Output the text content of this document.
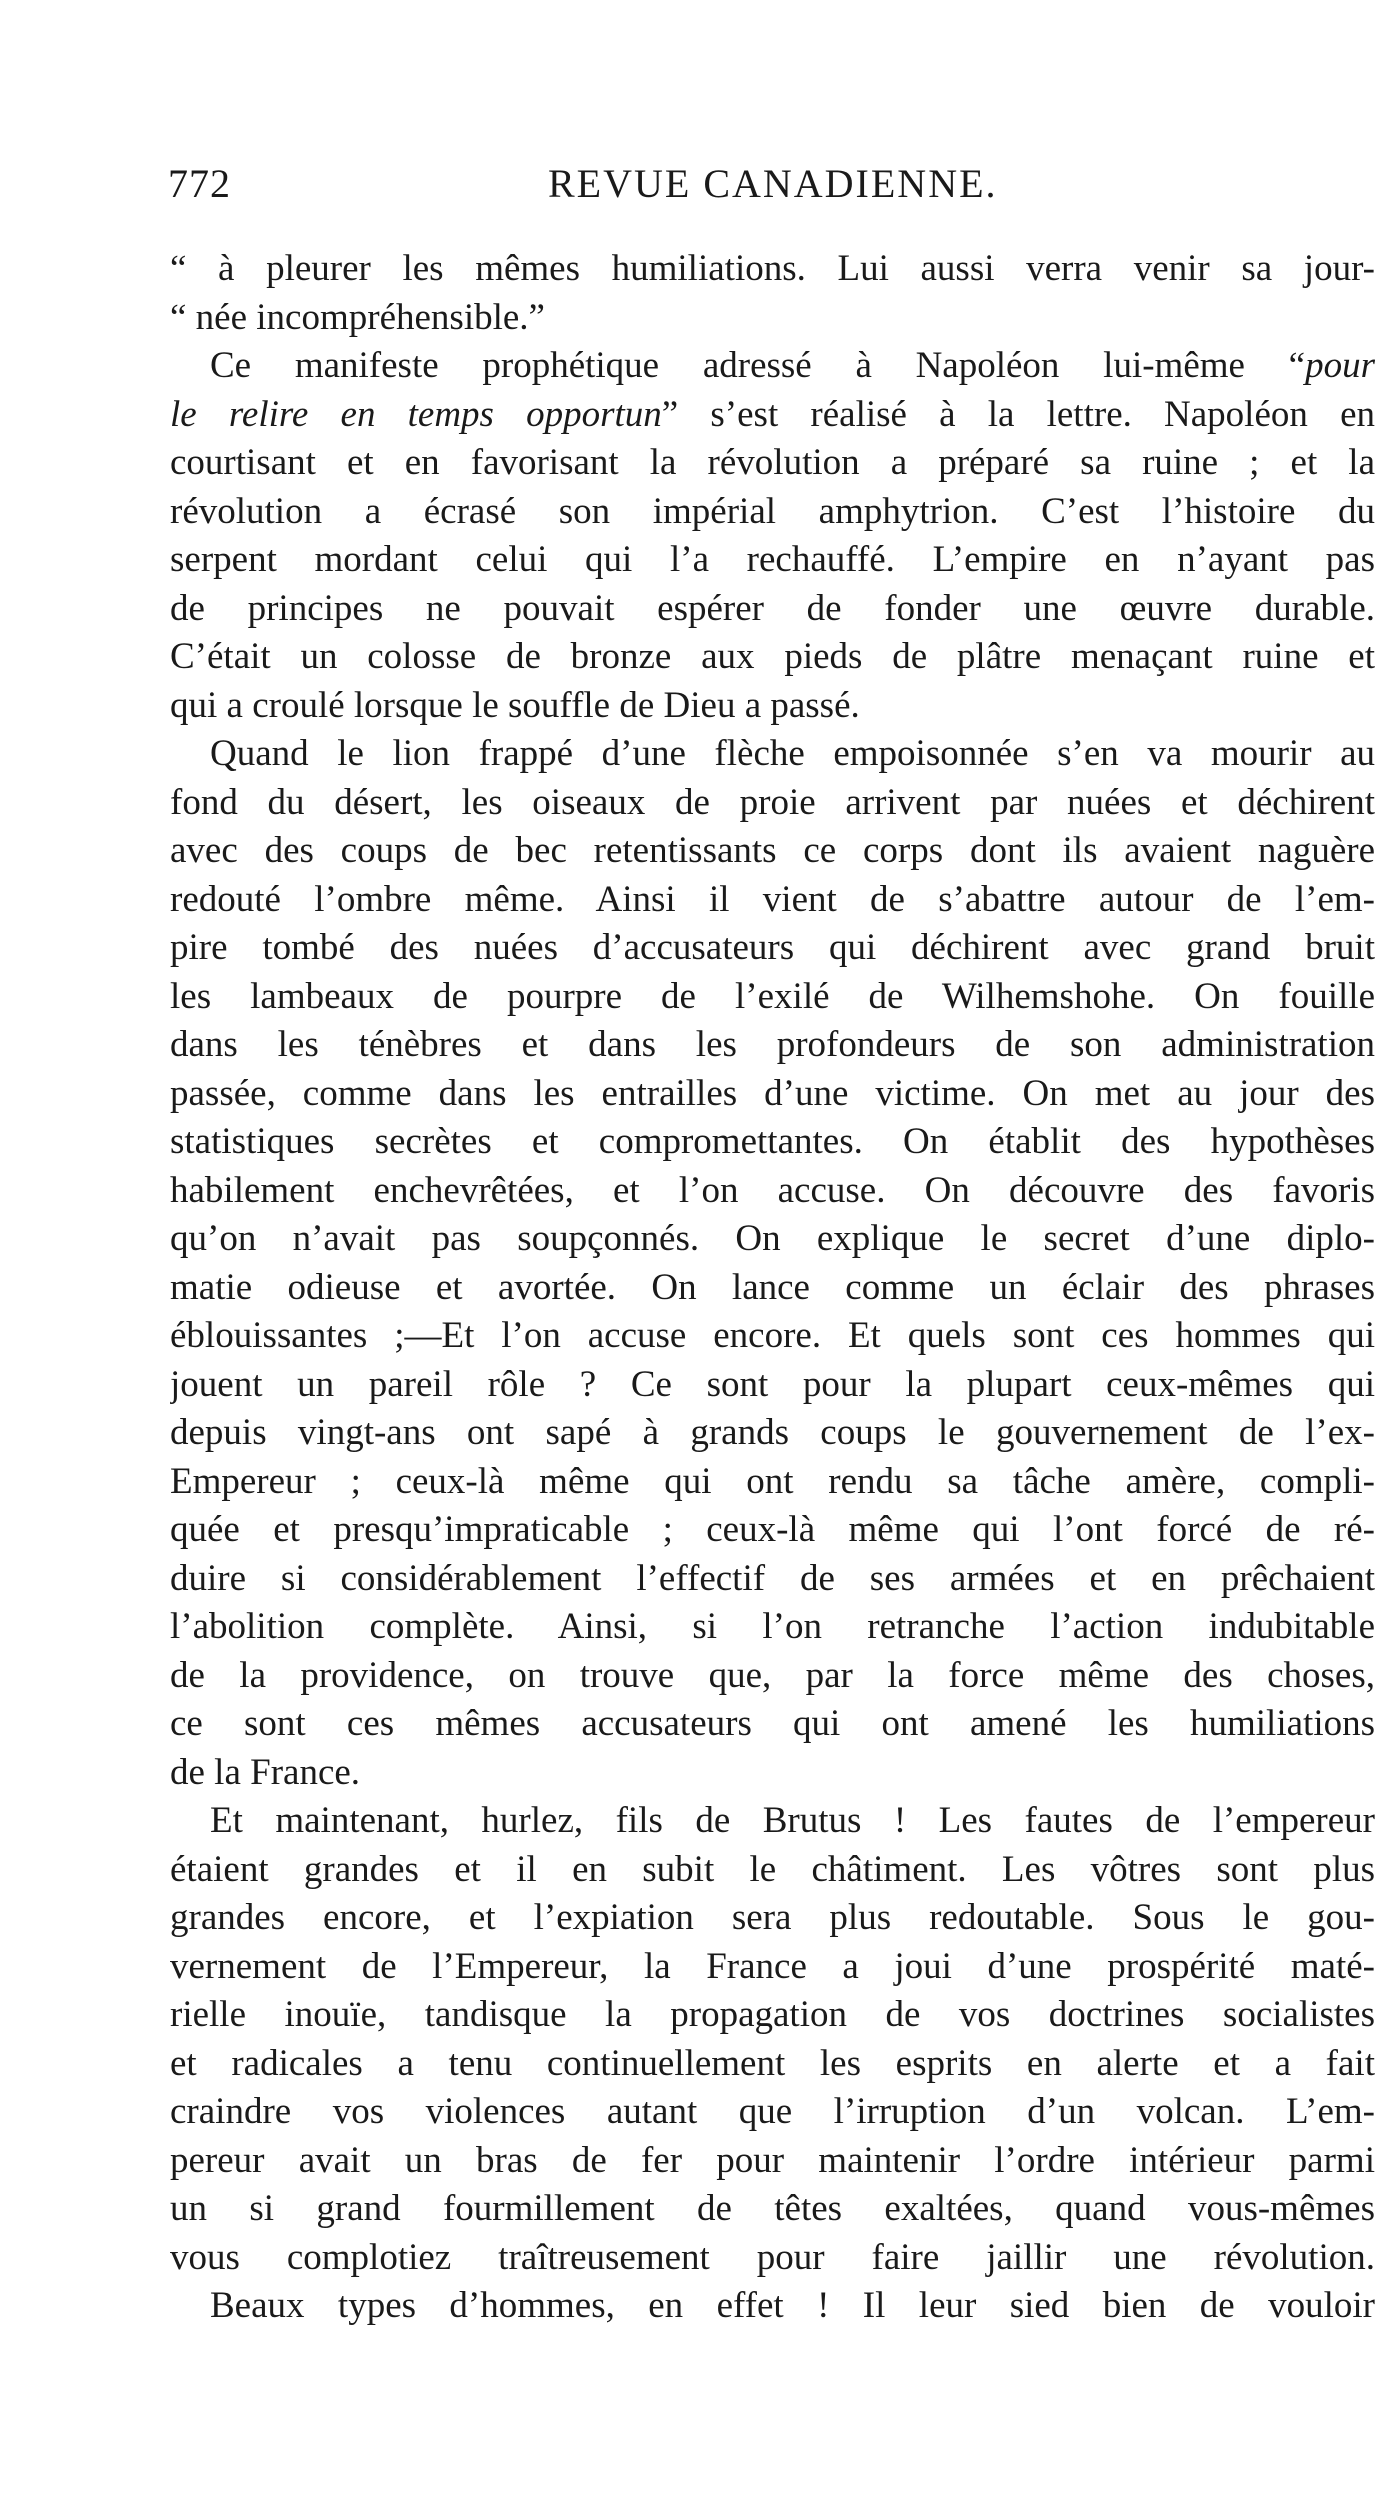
772	REVUE CANADIENNE.
“ à pleurer les mêmes humiliations. Lui aussi verra venir sa jour-
“ née incompréhensible.”
Ce manifeste prophétique adressé à Napoléon lui-même “pour
le relire en temps opportun” s’est réalisé à la lettre. Napoléon en
courtisant et en favorisant la révolution a préparé sa ruine ; et la
révolution a écrasé son impérial amphytrion. C’est l’histoire du
serpent mordant celui qui l’a rechauffé. L’empire en n’ayant pas
de principes ne pouvait espérer de fonder une œuvre durable.
C’était un colosse de bronze aux pieds de plâtre menaçant ruine et
qui a croulé lorsque le souffle de Dieu a passé.
Quand le lion frappé d’une flèche empoisonnée s’en va mourir au
fond du désert, les oiseaux de proie arrivent par nuées et déchirent
avec des coups de bec retentissants ce corps dont ils avaient naguère
redouté l’ombre même. Ainsi il vient de s’abattre autour de l’em-
pire tombé des nuées d’accusateurs qui déchirent avec grand bruit
les lambeaux de pourpre de l’exilé de Wilhemshohe. On fouille
dans les ténèbres et dans les profondeurs de son administration
passée, comme dans les entrailles d’une victime. On met au jour des
statistiques secrètes et compromettantes. On établit des hypothèses
habilement enchevrêtées, et l’on accuse. On découvre des favoris
qu’on n’avait pas soupçonnés. On explique le secret d’une diplo-
matie odieuse et avortée. On lance comme un éclair des phrases
éblouissantes ;—Et l’on accuse encore. Et quels sont ces hommes qui
jouent un pareil rôle ? Ce sont pour la plupart ceux-mêmes qui
depuis vingt-ans ont sapé à grands coups le gouvernement de l’ex-
Empereur ; ceux-là même qui ont rendu sa tâche amère, compli-
quée et presqu’impraticable ; ceux-là même qui l’ont forcé de ré-
duire si considérablement l’effectif de ses armées et en prêchaient
l’abolition complète. Ainsi, si l’on retranche l’action indubitable
de la providence, on trouve que, par la force même des choses,
ce sont ces mêmes accusateurs qui ont amené les humiliations
de la France.
Et maintenant, hurlez, fils de Brutus ! Les fautes de l’empereur
étaient grandes et il en subit le châtiment. Les vôtres sont plus
grandes encore, et l’expiation sera plus redoutable. Sous le gou-
vernement de l’Empereur, la France a joui d’une prospérité maté-
rielle inouïe, tandisque la propagation de vos doctrines socialistes
et radicales a tenu continuellement les esprits en alerte et a fait
craindre vos violences autant que l’irruption d’un volcan. L’em-
pereur avait un bras de fer pour maintenir l’ordre intérieur parmi
un si grand fourmillement de têtes exaltées, quand vous-mêmes
vous complotiez traîtreusement pour faire jaillir une révolution.
Beaux types d’hommes, en effet ! Il leur sied bien de vouloir
